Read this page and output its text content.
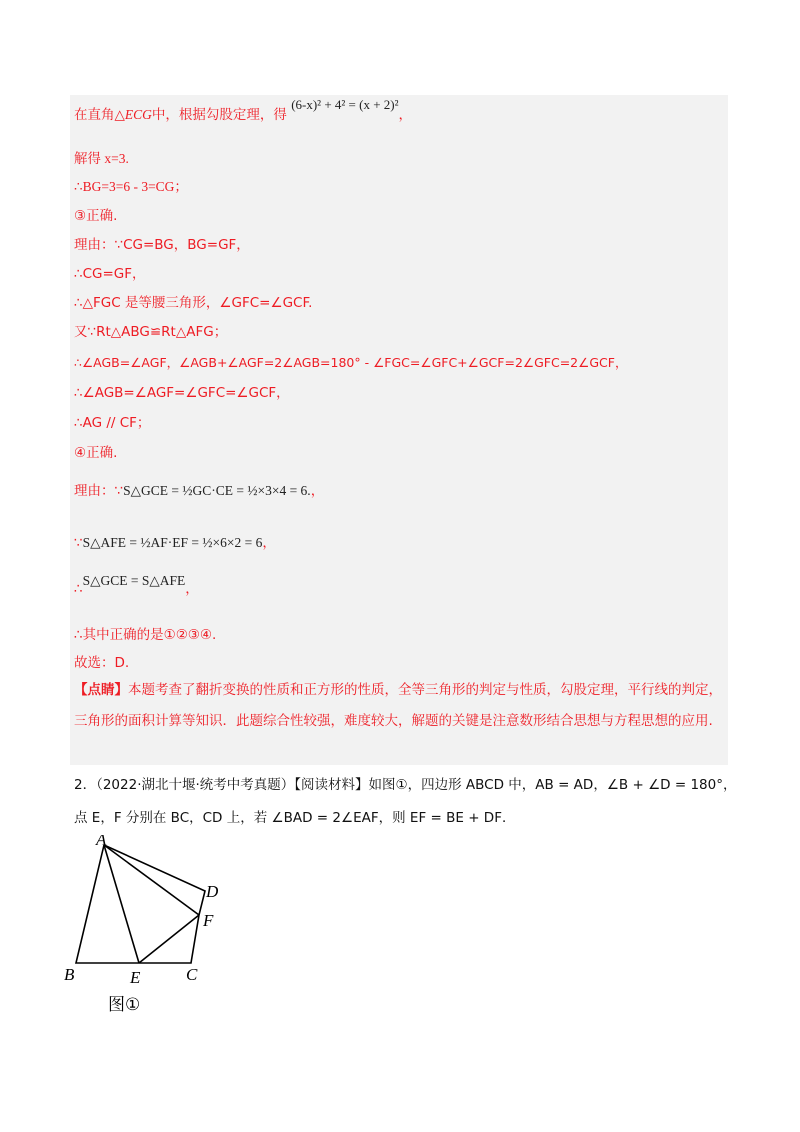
在直角△ECG中，根据勾股定理，得 (6-x)² + 4² = (x + 2)²，
解得 x=3.
∴BG=3=6 - 3=CG；
③正确.
理由：∵CG=BG，BG=GF，
∴CG=GF，
∴△FGC 是等腰三角形，∠GFC=∠GCF.
又∵Rt△ABG≌Rt△AFG；
∴∠AGB=∠AGF，∠AGB+∠AGF=2∠AGB=180° - ∠FGC=∠GFC+∠GCF=2∠GFC=2∠GCF，
∴∠AGB=∠AGF=∠GFC=∠GCF，
∴AG // CF；
④正确.
理由：∵S△GCE = ½GC·CE = ½×3×4 = 6.，
∵S△AFE = ½AF·EF = ½×6×2 = 6，
∴S△GCE = S△AFE，
∴其中正确的是①②③④.
故选：D.
【点睛】本题考查了翻折变换的性质和正方形的性质，全等三角形的判定与性质，勾股定理，平行线的判定，三角形的面积计算等知识．此题综合性较强，难度较大，解题的关键是注意数形结合思想与方程思想的应用.
2．（2022·湖北十堰·统考中考真题）【阅读材料】如图①，四边形 ABCD 中，AB = AD，∠B + ∠D = 180°，
点 E，F 分别在 BC，CD 上，若 ∠BAD = 2∠EAF，则 EF = BE + DF．
A
B	C
D
E
F
图①
